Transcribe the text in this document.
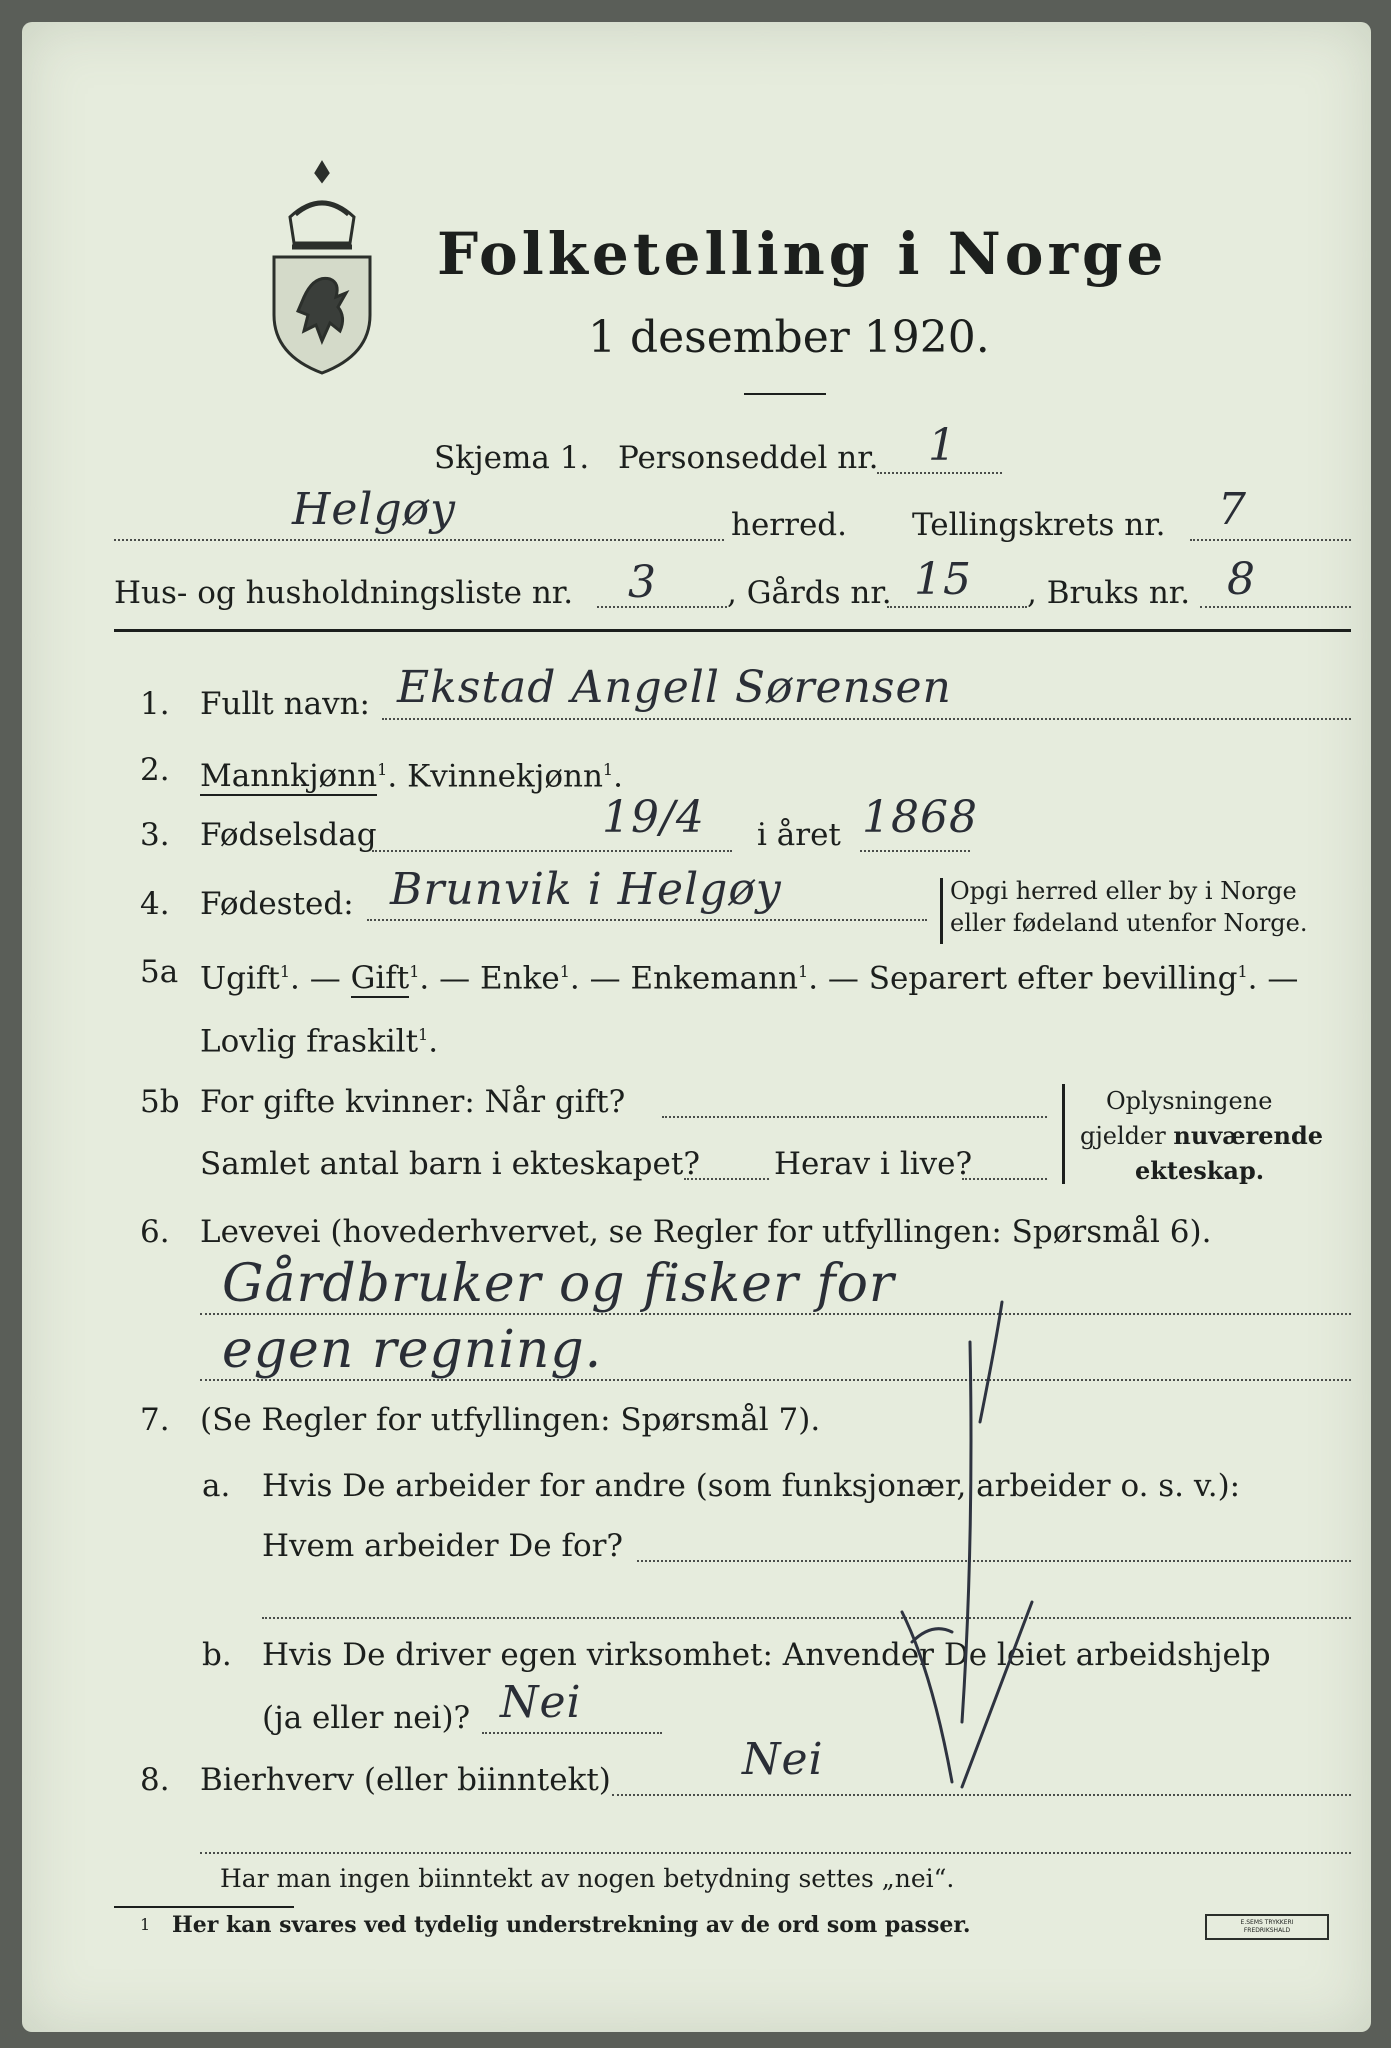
Folketelling i Norge
1 desember 1920.
Skjema 1. Personseddel nr. 1
Helgøy	herred. Tellingskrets nr. 7
Hus- og husholdningsliste nr. 3 , Gårds nr. 15 , Bruks nr. 8
1. Fullt navn: Ekstad Angell Sørensen
2. Mannkjønn$^1$. Kvinnekjønn$^1$.
3. Fødselsdag	19/4 i året 1868
4. Fødested: Brunvik i Helgøy	Opgi herred eller by i Norge
eller fødeland utenfor Norge.
5a Ugift$^1$. — Gift$^1$. — Enke$^1$. — Enkemann$^1$. — Separert efter bevilling$^1$. —
Lovlig fraskilt$^1$.
5b For gifte kvinner: Når gift?
Samlet antal barn i ekteskapet? Herav i live?
Oplysningene
gjelder nuværende
ekteskap.
6. Levevei (hovederhvervet, se Regler for utfyllingen: Spørsmål 6).
Gårdbruker og fisker for
egen regning.
7. (Se Regler for utfyllingen: Spørsmål 7).
a. Hvis De arbeider for andre (som funksjonær, arbeider o. s. v.):
Hvem arbeider De for?
b. Hvis De driver egen virksomhet: Anvender De leiet arbeidshjelp
(ja eller nei)? Nei
8. Bierhverv (eller biinntekt)	Nei
Har man ingen biinntekt av nogen betydning settes „nei“.
1 Her kan svares ved tydelig understrekning av de ord som passer.	E.SEMS TRYKKERI FREDRIKSHALD
